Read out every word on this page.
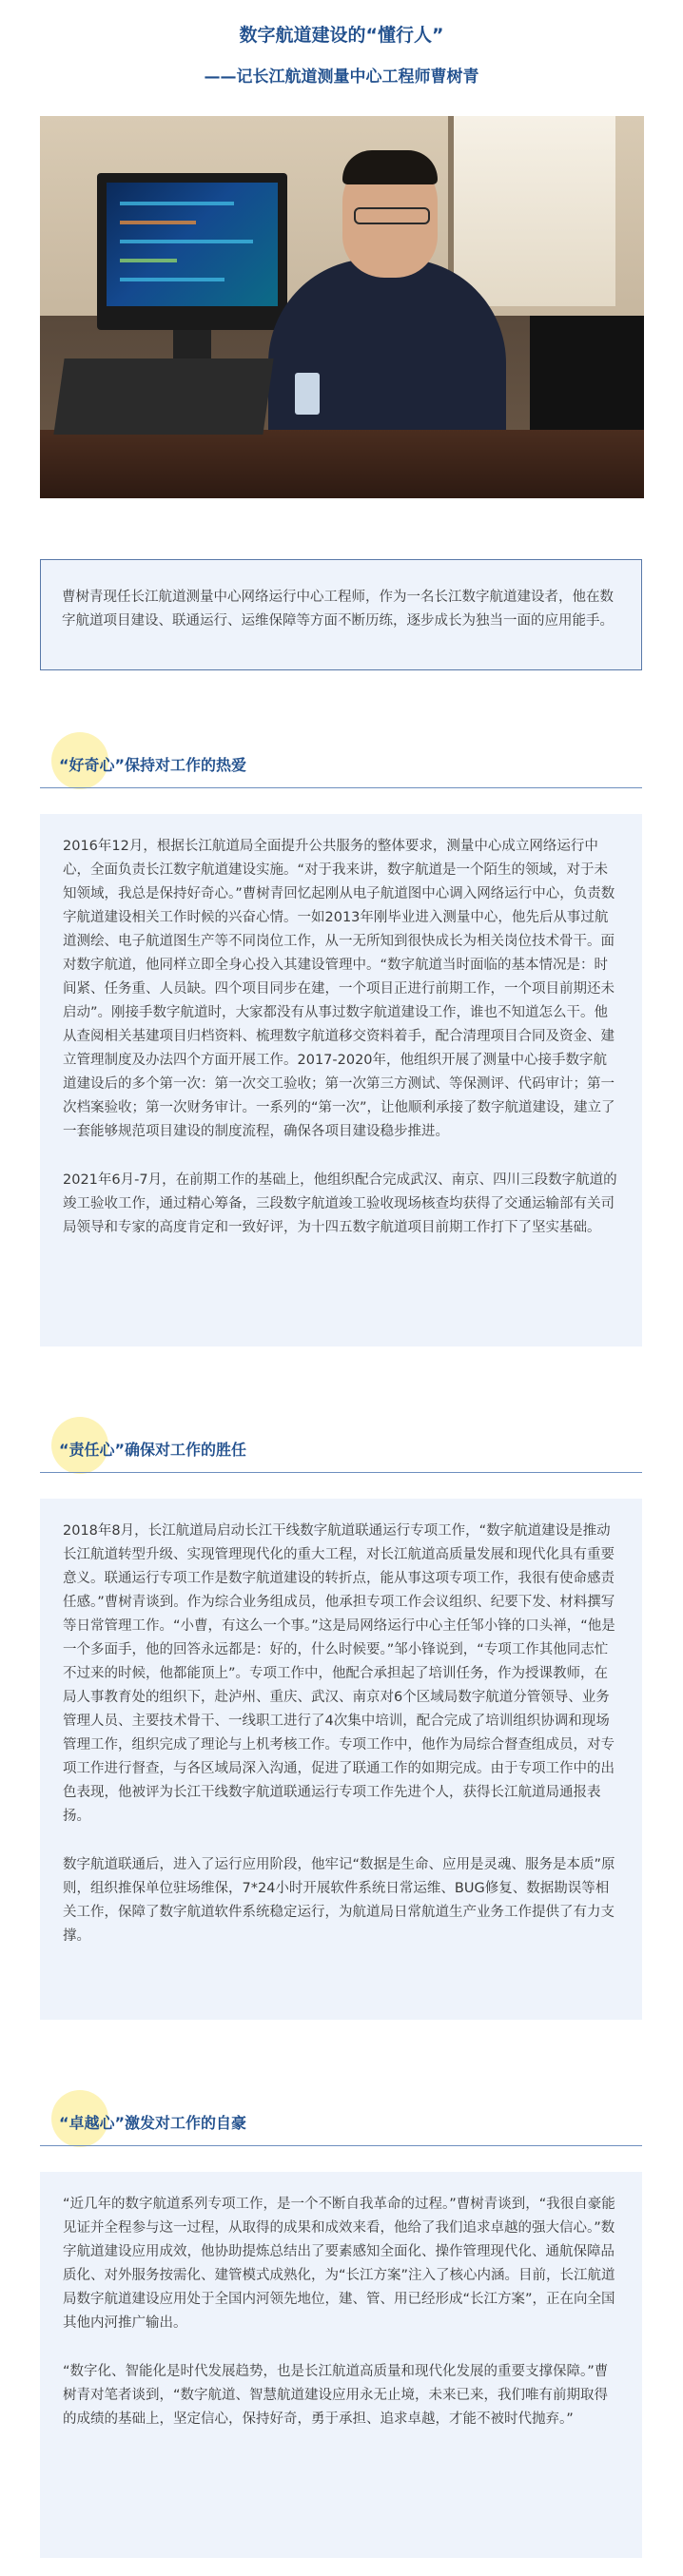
数字航道建设的“懂行人”
——记长江航道测量中心工程师曹树青
曹树青现任长江航道测量中心网络运行中心工程师，作为一名长江数字航道建设者，他在数字航道项目建设、联通运行、运维保障等方面不断历练，逐步成长为独当一面的应用能手。
“好奇心”保持对工作的热爱

2016年12月，根据长江航道局全面提升公共服务的整体要求，测量中心成立网络运行中心，全面负责长江数字航道建设实施。“对于我来讲，数字航道是一个陌生的领域，对于未知领域，我总是保持好奇心。”曹树青回忆起刚从电子航道图中心调入网络运行中心，负责数字航道建设相关工作时候的兴奋心情。一如2013年刚毕业进入测量中心，他先后从事过航道测绘、电子航道图生产等不同岗位工作，从一无所知到很快成长为相关岗位技术骨干。面对数字航道，他同样立即全身心投入其建设管理中。“数字航道当时面临的基本情况是：时间紧、任务重、人员缺。四个项目同步在建，一个项目正进行前期工作，一个项目前期还未启动”。刚接手数字航道时，大家都没有从事过数字航道建设工作，谁也不知道怎么干。他从查阅相关基建项目归档资料、梳理数字航道移交资料着手，配合清理项目合同及资金、建立管理制度及办法四个方面开展工作。2017-2020年，他组织开展了测量中心接手数字航道建设后的多个第一次：第一次交工验收；第一次第三方测试、等保测评、代码审计；第一次档案验收；第一次财务审计。一系列的“第一次”，让他顺利承接了数字航道建设，建立了一套能够规范项目建设的制度流程，确保各项目建设稳步推进。

2021年6月-7月，在前期工作的基础上，他组织配合完成武汉、南京、四川三段数字航道的竣工验收工作，通过精心筹备，三段数字航道竣工验收现场核查均获得了交通运输部有关司局领导和专家的高度肯定和一致好评，为十四五数字航道项目前期工作打下了坚实基础。

“责任心”确保对工作的胜任

2018年8月，长江航道局启动长江干线数字航道联通运行专项工作，“数字航道建设是推动长江航道转型升级、实现管理现代化的重大工程，对长江航道高质量发展和现代化具有重要意义。联通运行专项工作是数字航道建设的转折点，能从事这项专项工作，我很有使命感责任感。”曹树青谈到。作为综合业务组成员，他承担专项工作会议组织、纪要下发、材料撰写等日常管理工作。“小曹，有这么一个事。”这是局网络运行中心主任邹小锋的口头禅，“他是一个多面手，他的回答永远都是：好的，什么时候要。”邹小锋说到，“专项工作其他同志忙不过来的时候，他都能顶上”。专项工作中，他配合承担起了培训任务，作为授课教师，在局人事教育处的组织下，赴泸州、重庆、武汉、南京对6个区域局数字航道分管领导、业务管理人员、主要技术骨干、一线职工进行了4次集中培训，配合完成了培训组织协调和现场管理工作，组织完成了理论与上机考核工作。专项工作中，他作为局综合督查组成员，对专项工作进行督查，与各区域局深入沟通，促进了联通工作的如期完成。由于专项工作中的出色表现，他被评为长江干线数字航道联通运行专项工作先进个人，获得长江航道局通报表扬。

数字航道联通后，进入了运行应用阶段，他牢记“数据是生命、应用是灵魂、服务是本质”原则，组织推保单位驻场维保，7*24小时开展软件系统日常运维、BUG修复、数据勘误等相关工作，保障了数字航道软件系统稳定运行，为航道局日常航道生产业务工作提供了有力支撑。

“卓越心”激发对工作的自豪

“近几年的数字航道系列专项工作，是一个不断自我革命的过程。”曹树青谈到，“我很自豪能见证并全程参与这一过程，从取得的成果和成效来看，他给了我们追求卓越的强大信心。”数字航道建设应用成效，他协助提炼总结出了要素感知全面化、操作管理现代化、通航保障品质化、对外服务按需化、建管模式成熟化，为“长江方案”注入了核心内涵。目前，长江航道局数字航道建设应用处于全国内河领先地位，建、管、用已经形成“长江方案”，正在向全国其他内河推广输出。

“数字化、智能化是时代发展趋势，也是长江航道高质量和现代化发展的重要支撑保障。”曹树青对笔者谈到，“数字航道、智慧航道建设应用永无止境，未来已来，我们唯有前期取得的成绩的基础上，坚定信心，保持好奇，勇于承担、追求卓越，才能不被时代抛弃。”
